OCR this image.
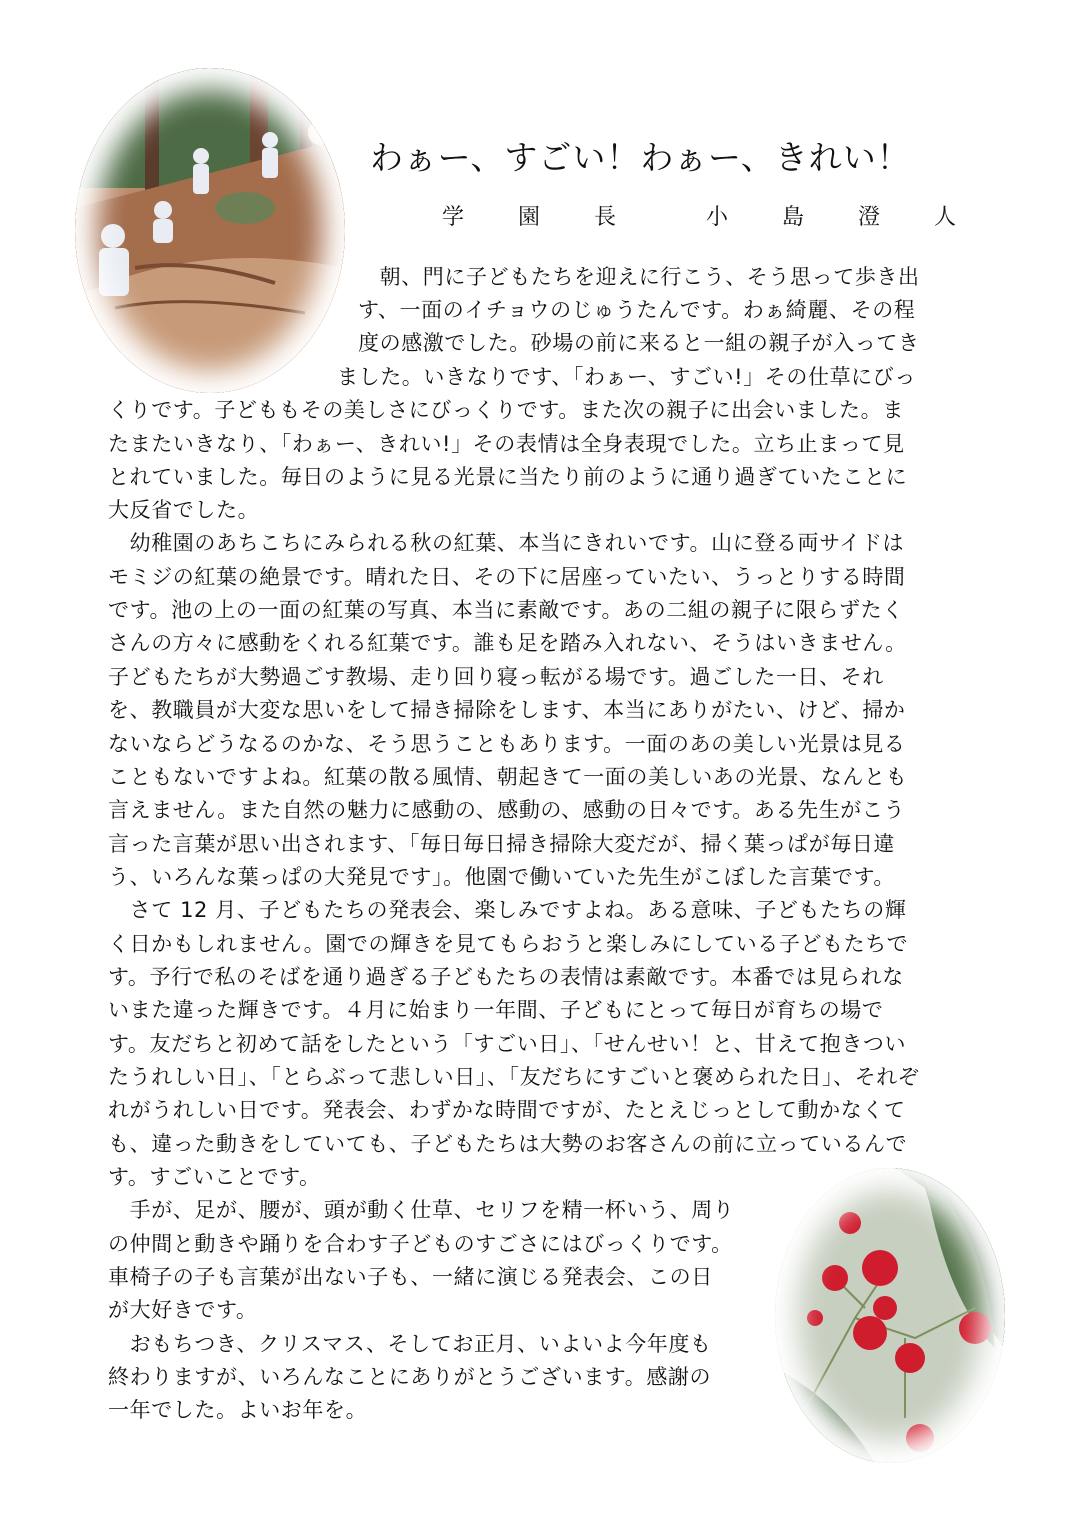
わぁー、すごい！わぁー、きれい！
学　園　長	小　島　澄　人
　朝、門に子どもたちを迎えに行こう、そう思って歩き出
す、一面のイチョウのじゅうたんです。わぁ綺麗、その程
度の感激でした。砂場の前に来ると一組の親子が入ってき
ました。いきなりです、「わぁー、すごい!」その仕草にびっ
くりです。子どももその美しさにびっくりです。また次の親子に出会いました。ま
たまたいきなり、「わぁー、きれい!」その表情は全身表現でした。立ち止まって見
とれていました。毎日のように見る光景に当たり前のように通り過ぎていたことに
大反省でした。
　幼稚園のあちこちにみられる秋の紅葉、本当にきれいです。山に登る両サイドは
モミジの紅葉の絶景です。晴れた日、その下に居座っていたい、うっとりする時間
です。池の上の一面の紅葉の写真、本当に素敵です。あの二組の親子に限らずたく
さんの方々に感動をくれる紅葉です。誰も足を踏み入れない、そうはいきません。
子どもたちが大勢過ごす教場、走り回り寝っ転がる場です。過ごした一日、それ
を、教職員が大変な思いをして掃き掃除をします、本当にありがたい、けど、掃か
ないならどうなるのかな、そう思うこともあります。一面のあの美しい光景は見る
こともないですよね。紅葉の散る風情、朝起きて一面の美しいあの光景、なんとも
言えません。また自然の魅力に感動の、感動の、感動の日々です。ある先生がこう
言った言葉が思い出されます、「毎日毎日掃き掃除大変だが、掃く葉っぱが毎日違
う、いろんな葉っぱの大発見です」。他園で働いていた先生がこぼした言葉です。
　さて 12 月、子どもたちの発表会、楽しみですよね。ある意味、子どもたちの輝
く日かもしれません。園での輝きを見てもらおうと楽しみにしている子どもたちで
す。予行で私のそばを通り過ぎる子どもたちの表情は素敵です。本番では見られな
いまた違った輝きです。４月に始まり一年間、子どもにとって毎日が育ちの場で
す。友だちと初めて話をしたという「すごい日」、「せんせい！と、甘えて抱きつい
たうれしい日」、「とらぶって悲しい日」、「友だちにすごいと褒められた日」、それぞ
れがうれしい日です。発表会、わずかな時間ですが、たとえじっとして動かなくて
も、違った動きをしていても、子どもたちは大勢のお客さんの前に立っているんで
す。すごいことです。
　手が、足が、腰が、頭が動く仕草、セリフを精一杯いう、周り
の仲間と動きや踊りを合わす子どものすごさにはびっくりです。
車椅子の子も言葉が出ない子も、一緒に演じる発表会、この日
が大好きです。
　おもちつき、クリスマス、そしてお正月、いよいよ今年度も
終わりますが、いろんなことにありがとうございます。感謝の
一年でした。よいお年を。
